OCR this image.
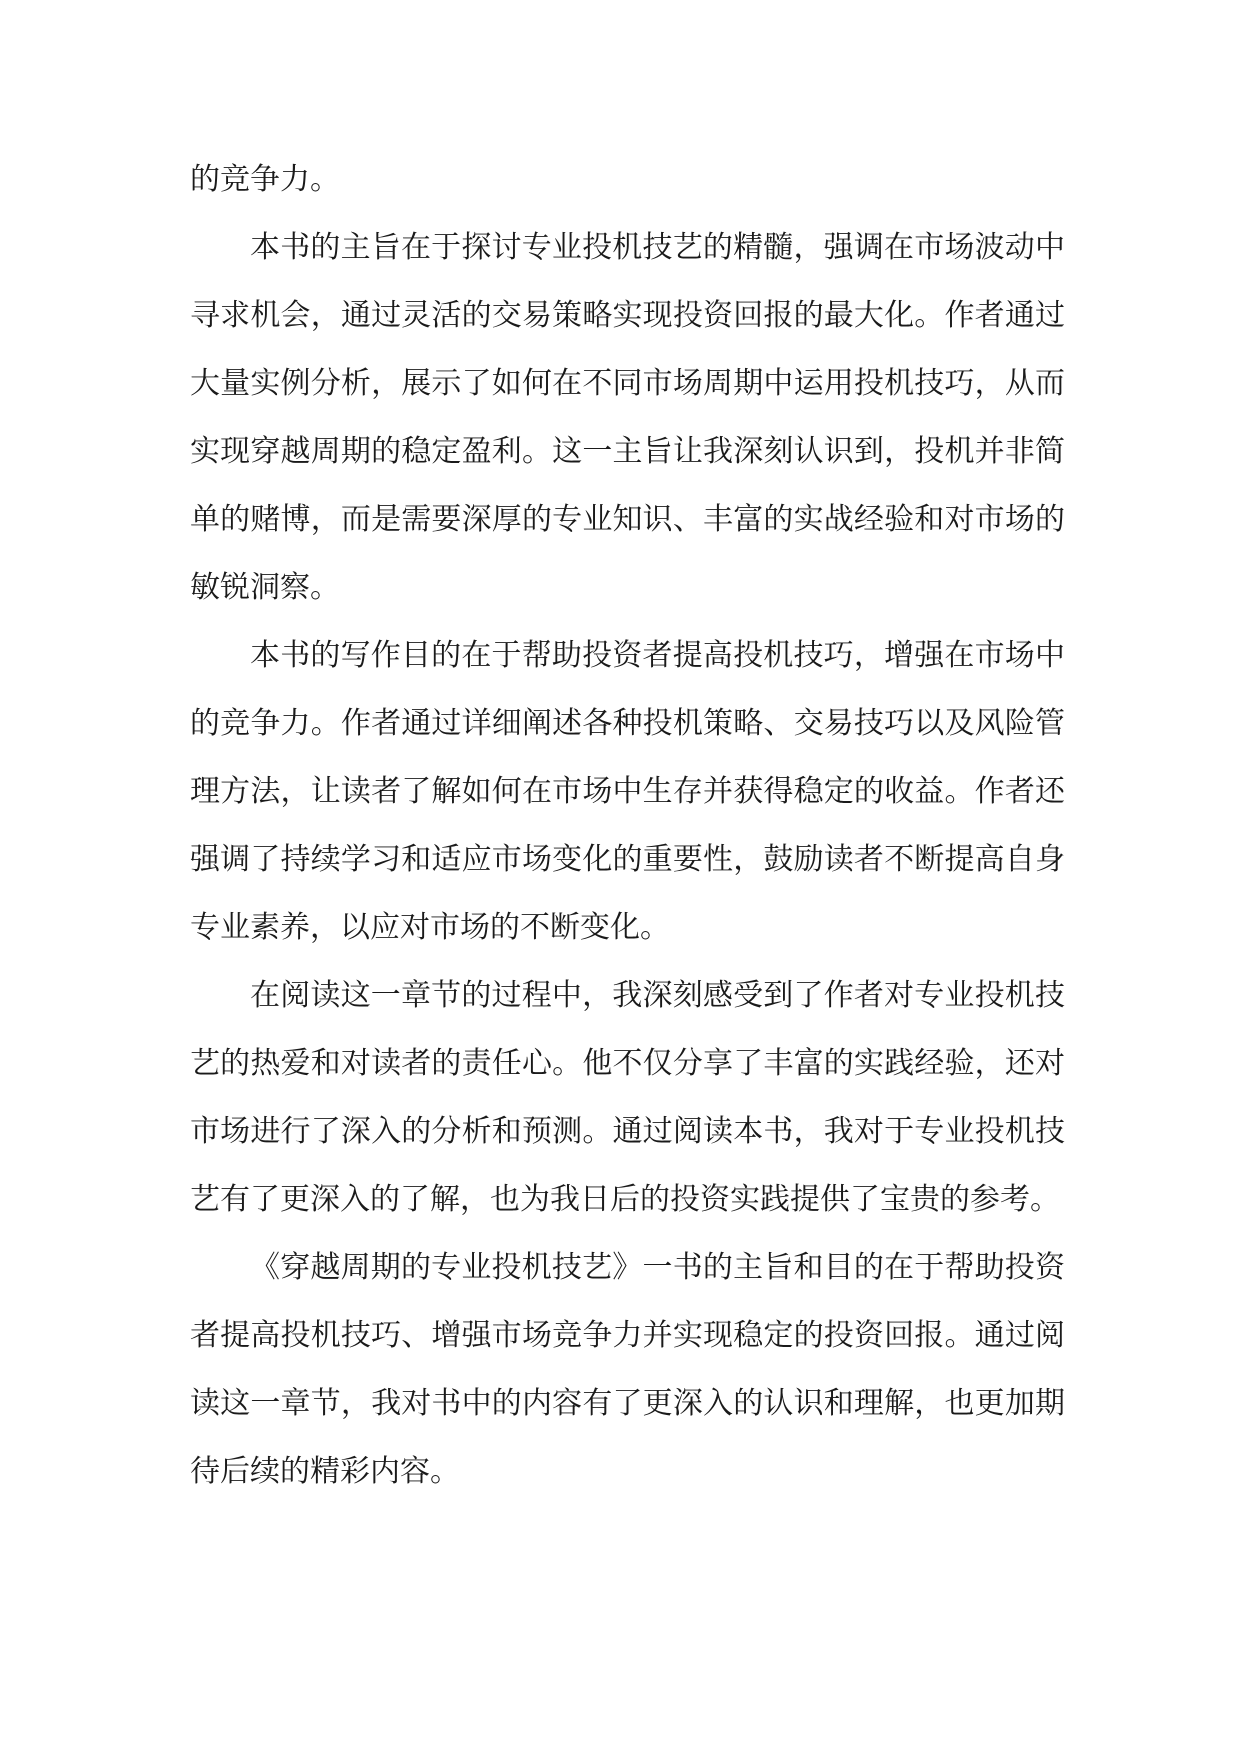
的竞争力。

本书的主旨在于探讨专业投机技艺的精髓，强调在市场波动中寻求机会，通过灵活的交易策略实现投资回报的最大化。作者通过大量实例分析，展示了如何在不同市场周期中运用投机技巧，从而实现穿越周期的稳定盈利。这一主旨让我深刻认识到，投机并非简单的赌博，而是需要深厚的专业知识、丰富的实战经验和对市场的敏锐洞察。

本书的写作目的在于帮助投资者提高投机技巧，增强在市场中的竞争力。作者通过详细阐述各种投机策略、交易技巧以及风险管理方法，让读者了解如何在市场中生存并获得稳定的收益。作者还强调了持续学习和适应市场变化的重要性，鼓励读者不断提高自身专业素养，以应对市场的不断变化。

在阅读这一章节的过程中，我深刻感受到了作者对专业投机技艺的热爱和对读者的责任心。他不仅分享了丰富的实践经验，还对市场进行了深入的分析和预测。通过阅读本书，我对于专业投机技艺有了更深入的了解，也为我日后的投资实践提供了宝贵的参考。

《穿越周期的专业投机技艺》一书的主旨和目的在于帮助投资者提高投机技巧、增强市场竞争力并实现稳定的投资回报。通过阅读这一章节，我对书中的内容有了更深入的认识和理解，也更加期待后续的精彩内容。
